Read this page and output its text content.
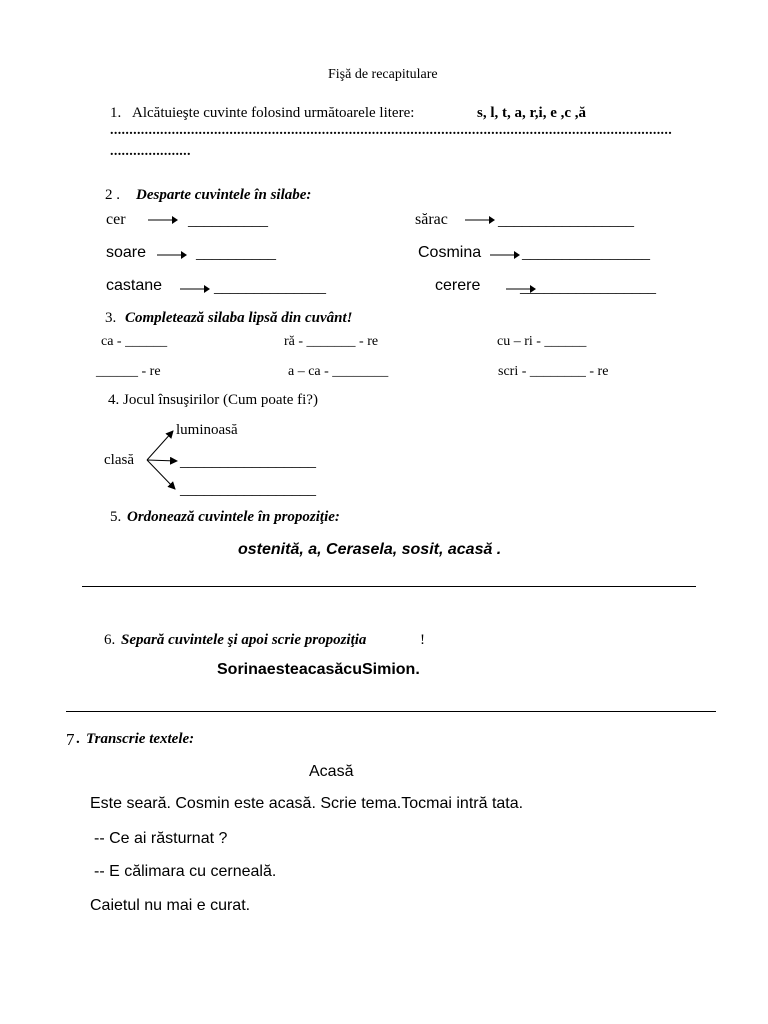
Fişă de recapitulare
1. Alcătuieşte cuvinte folosind următoarele litere:	s, l, t, a, r,i, e ,c ,ă
..................................................................................................................................................
.....................
2 . Desparte cuvintele în silabe:
cer	__________	sărac	_________________
soare	__________	Cosmina	________________
castane	______________	cerere _________________
3. Completează silaba lipsă din cuvânt!
ca - ______	ră - _______ - re	cu – ri - ______
______ - re	a – ca - ________	scri - ________ - re
4. Jocul însuşirilor (Cum poate fi?)
luminoasă
clasă	_________________
_________________
5. Ordonează cuvintele în propoziţie:
ostenită, a, Cerasela, sosit, acasă .
6. Separă cuvintele şi apoi scrie propoziţia	!
SorinaesteacasăcuSimion.
7 . Transcrie textele:
Acasă
Este seară. Cosmin este acasă. Scrie tema.Tocmai intră tata.
-- Ce ai răsturnat ?
-- E călimara cu cerneală.
Caietul nu mai e curat.
